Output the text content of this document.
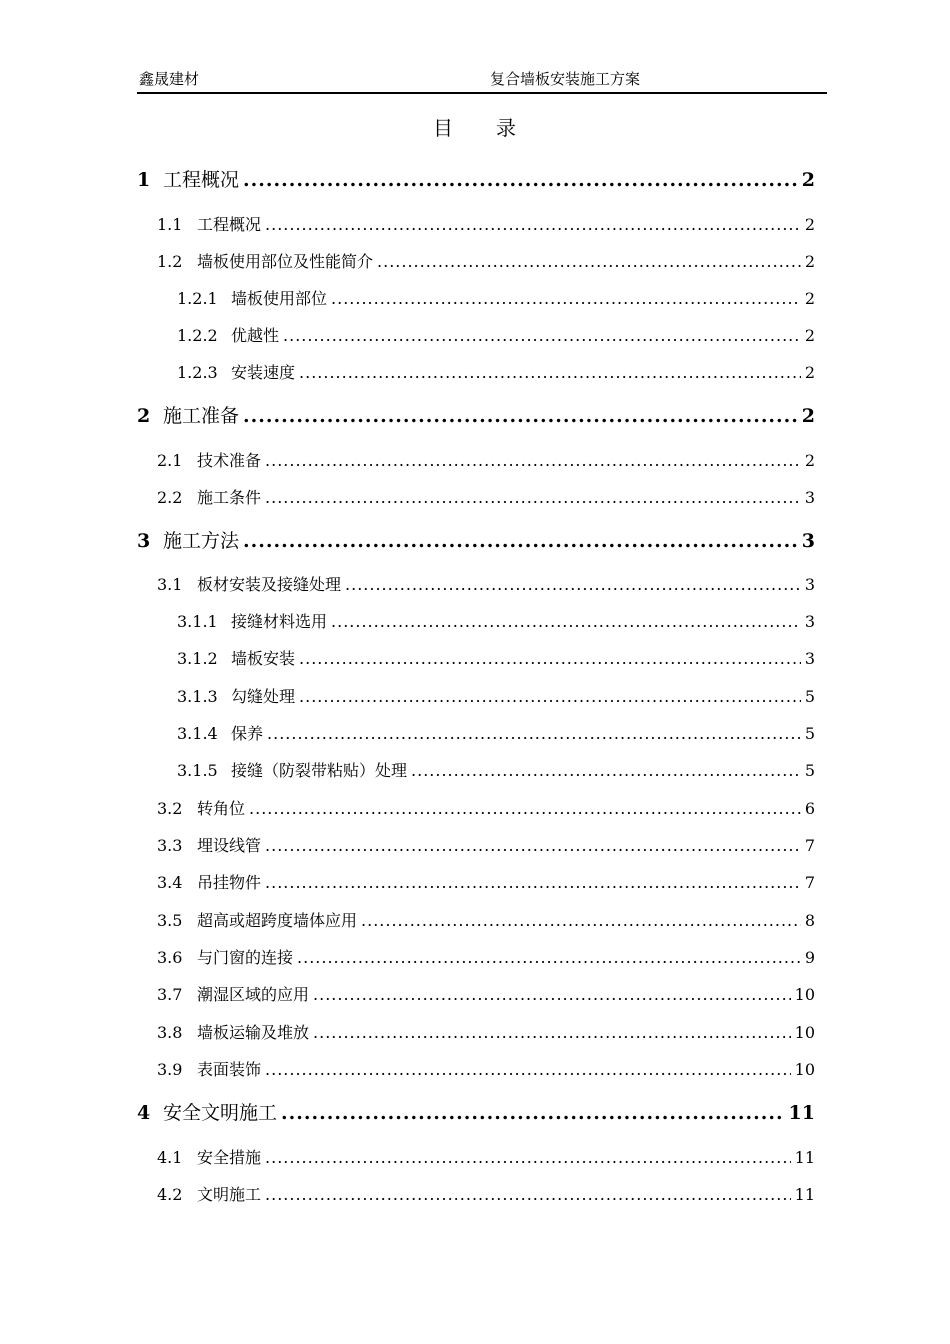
鑫晟建材	复合墙板安装施工方案
目 录
1 工程概况 .....	2
1.1 工程概况 .....	2
1.2 墙板使用部位及性能简介 .....	2
1.2.1 墙板使用部位 .....	2
1.2.2 优越性 .....	2
1.2.3 安装速度 .....	2
2 施工准备 .....	2
2.1 技术准备 .....	2
2.2 施工条件 .....	3
3 施工方法 .....	3
3.1 板材安装及接缝处理 .....	3
3.1.1 接缝材料选用 .....	3
3.1.2 墙板安装 .....	3
3.1.3 勾缝处理 .....	5
3.1.4 保养 .....	5
3.1.5 接缝（防裂带粘贴）处理 .....	5
3.2 转角位 .....	6
3.3 埋设线管 .....	7
3.4 吊挂物件 .....	7
3.5 超高或超跨度墙体应用 .....	8
3.6 与门窗的连接 .....	9
3.7 潮湿区域的应用 .....	10
3.8 墙板运输及堆放 .....	10
3.9 表面装饰 .....	10
4 安全文明施工 .....	11
4.1 安全措施 .....	11
4.2 文明施工 .....	11
